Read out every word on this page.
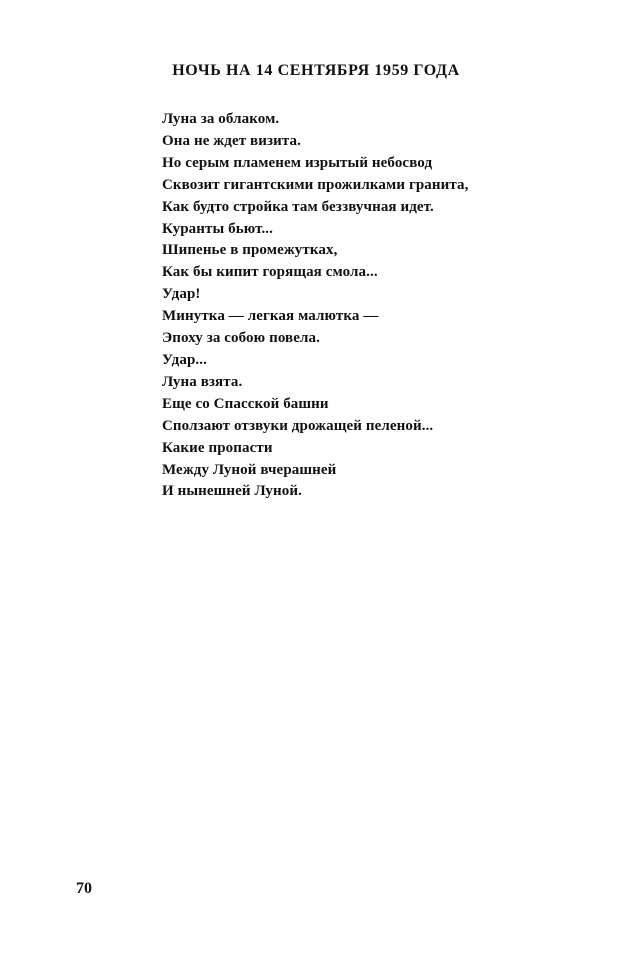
НОЧЬ НА 14 СЕНТЯБРЯ 1959 ГОДА
Луна за облаком.
Она не ждет визита.
Но серым пламенем изрытый небосвод
Сквозит гигантскими прожилками гранита,
Как будто стройка там беззвучная идет.
Куранты бьют...
Шипенье в промежутках,
Как бы кипит горящая смола...
Удар!
Минутка — легкая малютка —
Эпоху за собою повела.
Удар...
Луна взята.
Еще со Спасской башни
Сползают отзвуки дрожащей пеленой...
Какие пропасти
Между Луной вчерашней
И нынешней Луной.

70
